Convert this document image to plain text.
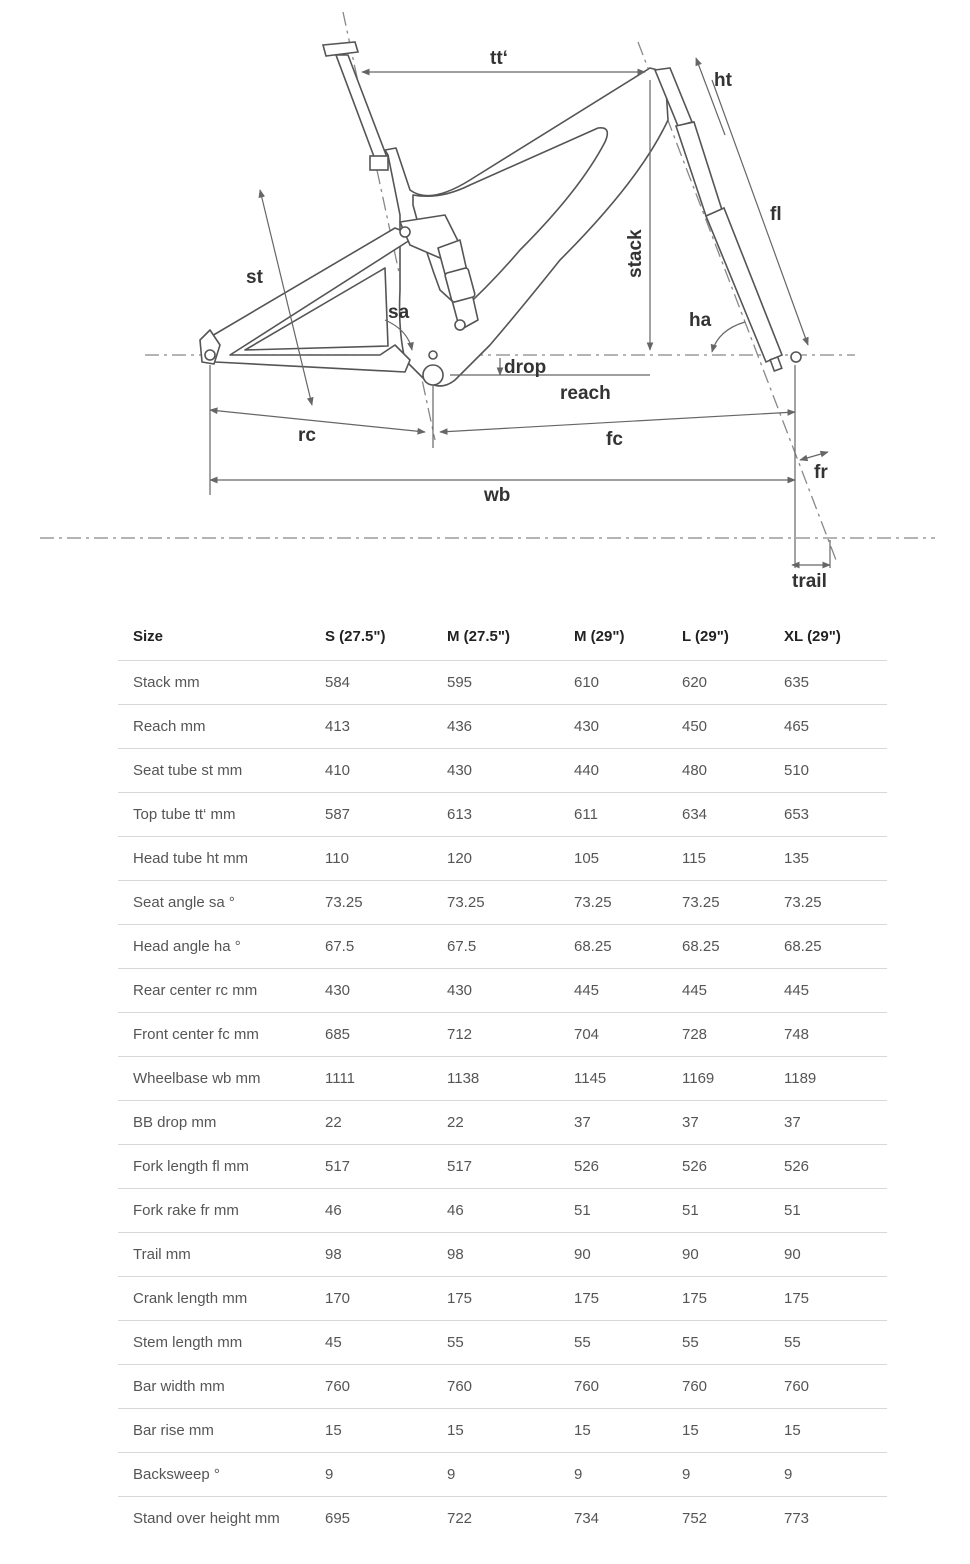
tt‘
ht
st	stack
fl
sa	ha
drop
reach
rc	fc
fr
wb
trail
Size	S (27.5")	M (27.5")	M (29")	L (29")	XL (29")
Stack mm	584	595	610	620	635
Reach mm	413	436	430	450	465
Seat tube st mm	410	430	440	480	510
Top tube tt‘ mm	587	613	611	634	653
Head tube ht mm	110	120	105	115	135
Seat angle sa °	73.25	73.25	73.25	73.25	73.25
Head angle ha °	67.5	67.5	68.25	68.25	68.25
Rear center rc mm	430	430	445	445	445
Front center fc mm	685	712	704	728	748
Wheelbase wb mm	1111	1138	1145	1169	1189
BB drop mm	22	22	37	37	37
Fork length fl mm	517	517	526	526	526
Fork rake fr mm	46	46	51	51	51
Trail mm	98	98	90	90	90
Crank length mm	170	175	175	175	175
Stem length mm	45	55	55	55	55
Bar width mm	760	760	760	760	760
Bar rise mm	15	15	15	15	15
Backsweep °	9	9	9	9	9
Stand over height mm	695	722	734	752	773
